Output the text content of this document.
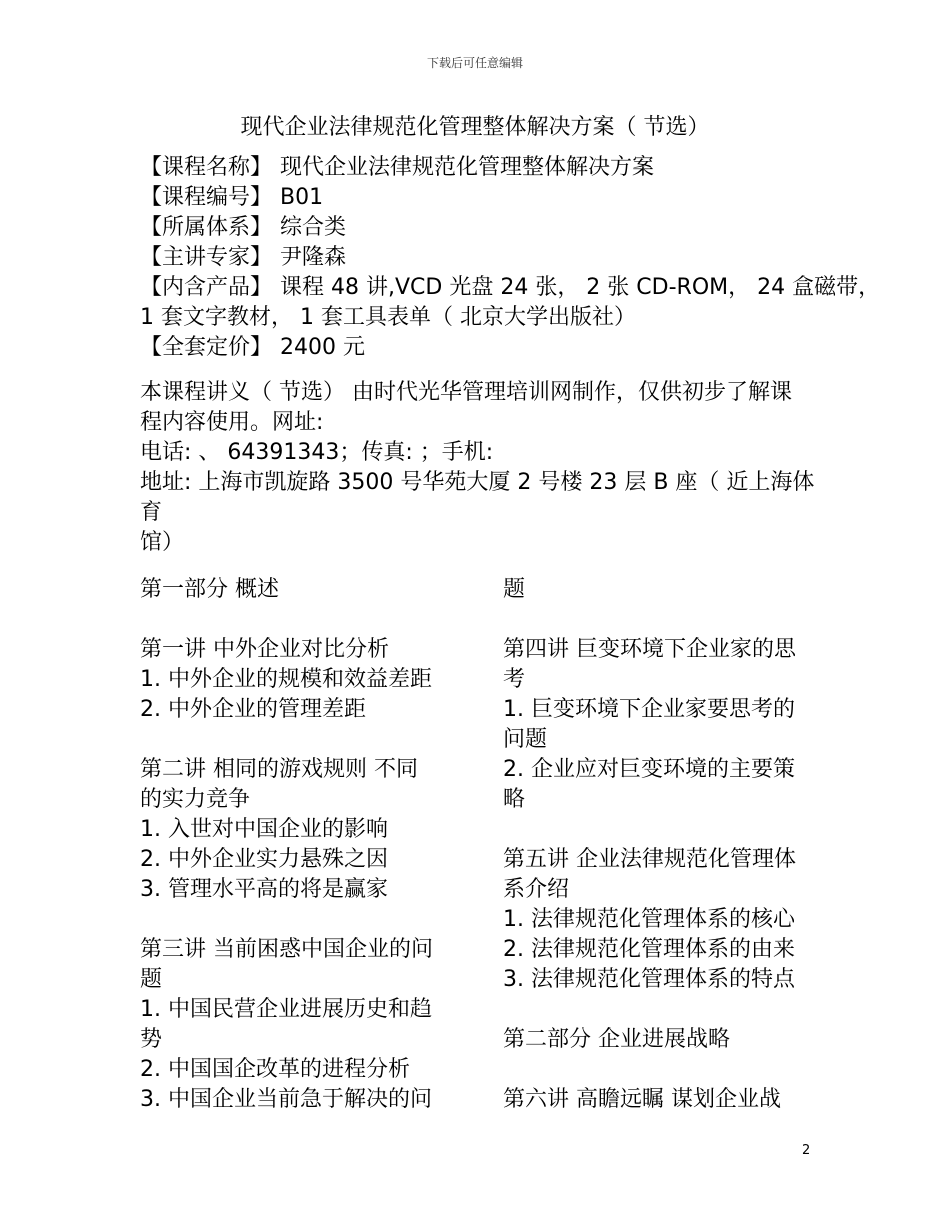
下载后可任意编辑
现代企业法律规范化管理整体解决方案（ 节选）
【课程名称】 现代企业法律规范化管理整体解决方案
【课程编号】 B01
【所属体系】 综合类
【主讲专家】 尹隆森
【内含产品】 课程 48 讲,VCD 光盘 24 张， 2 张 CD-ROM， 24 盒磁带，
1 套文字教材， 1 套工具表单（ 北京大学出版社）
【全套定价】 2400 元
本课程讲义（ 节选） 由时代光华管理培训网制作，仅供初步了解课
程内容使用。网址:
电话: 、 64391343；传真: ；手机:
地址: 上海市凯旋路 3500 号华苑大厦 2 号楼 23 层 B 座（ 近上海体育
馆）
第一部分 概述
第一讲 中外企业对比分析
1. 中外企业的规模和效益差距
2. 中外企业的管理差距
第二讲 相同的游戏规则 不同
的实力竞争
1. 入世对中国企业的影响
2. 中外企业实力悬殊之因
3. 管理水平高的将是赢家
第三讲 当前困惑中国企业的问
题
1. 中国民营企业进展历史和趋
势
2. 中国国企改革的进程分析
3. 中国企业当前急于解决的问
题
第四讲 巨变环境下企业家的思
考
1. 巨变环境下企业家要思考的
问题
2. 企业应对巨变环境的主要策
略
第五讲 企业法律规范化管理体
系介绍
1. 法律规范化管理体系的核心
2. 法律规范化管理体系的由来
3. 法律规范化管理体系的特点
第二部分 企业进展战略
第六讲 高瞻远瞩 谋划企业战
2
